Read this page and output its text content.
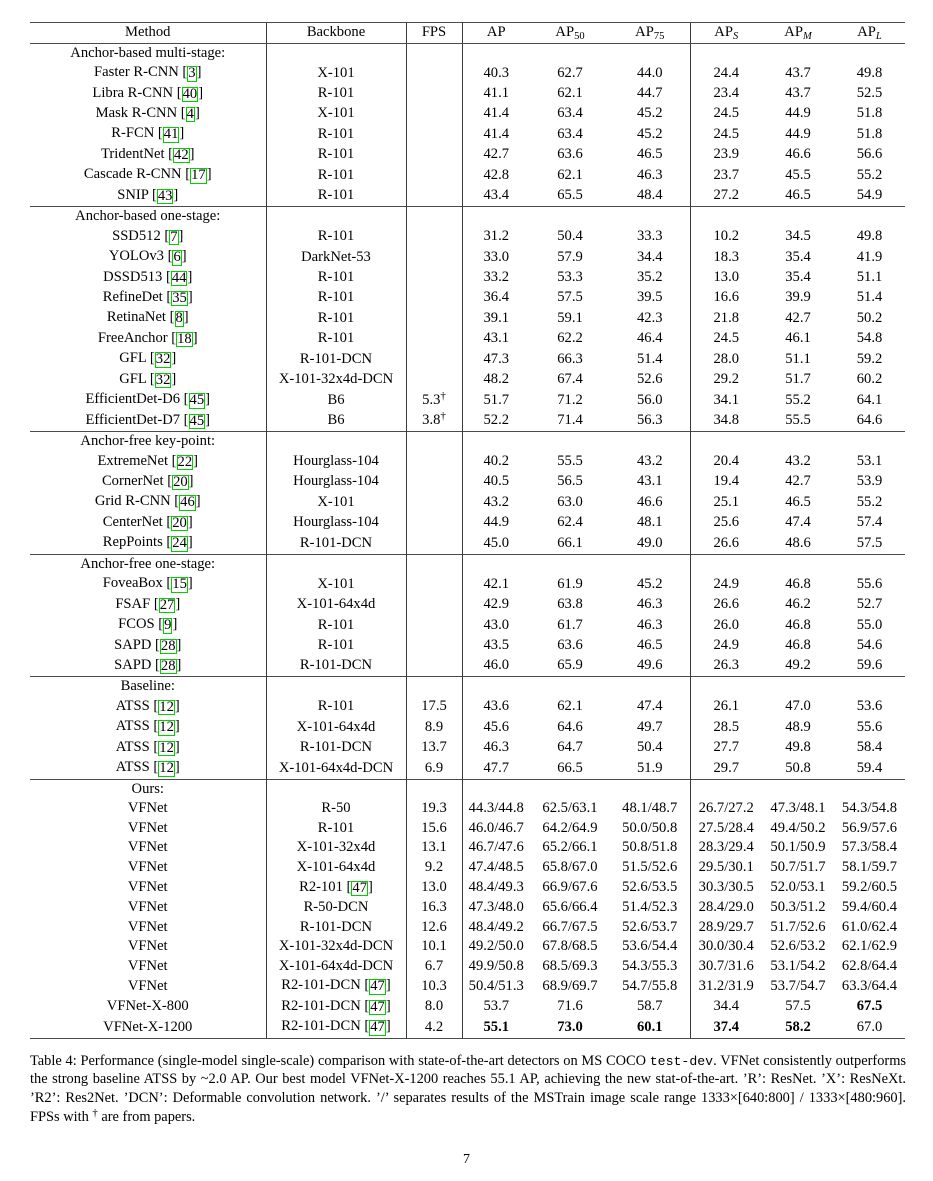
Method	Backbone	FPS	AP	$AP_{50}$	$AP_{75}$	$AP_S$	$AP_M$	$AP_L$
Anchor-based multi-stage:								
Faster R-CNN [3]	X-101		40.3	62.7	44.0	24.4	43.7	49.8
Libra R-CNN [40]	R-101		41.1	62.1	44.7	23.4	43.7	52.5
Mask R-CNN [4]	X-101		41.4	63.4	45.2	24.5	44.9	51.8
R-FCN [41]	R-101		41.4	63.4	45.2	24.5	44.9	51.8
TridentNet [42]	R-101		42.7	63.6	46.5	23.9	46.6	56.6
Cascade R-CNN [17]	R-101		42.8	62.1	46.3	23.7	45.5	55.2
SNIP [43]	R-101		43.4	65.5	48.4	27.2	46.5	54.9
Anchor-based one-stage:								
SSD512 [7]	R-101		31.2	50.4	33.3	10.2	34.5	49.8
YOLOv3 [6]	DarkNet-53		33.0	57.9	34.4	18.3	35.4	41.9
DSSD513 [44]	R-101		33.2	53.3	35.2	13.0	35.4	51.1
RefineDet [35]	R-101		36.4	57.5	39.5	16.6	39.9	51.4
RetinaNet [8]	R-101		39.1	59.1	42.3	21.8	42.7	50.2
FreeAnchor [18]	R-101		43.1	62.2	46.4	24.5	46.1	54.8
GFL [32]	R-101-DCN		47.3	66.3	51.4	28.0	51.1	59.2
GFL [32]	X-101-32x4d-DCN		48.2	67.4	52.6	29.2	51.7	60.2
EfficientDet-D6 [45]	B6	5.3†	51.7	71.2	56.0	34.1	55.2	64.1
EfficientDet-D7 [45]	B6	3.8†	52.2	71.4	56.3	34.8	55.5	64.6
Anchor-free key-point:								
ExtremeNet [22]	Hourglass-104		40.2	55.5	43.2	20.4	43.2	53.1
CornerNet [20]	Hourglass-104		40.5	56.5	43.1	19.4	42.7	53.9
Grid R-CNN [46]	X-101		43.2	63.0	46.6	25.1	46.5	55.2
CenterNet [20]	Hourglass-104		44.9	62.4	48.1	25.6	47.4	57.4
RepPoints [24]	R-101-DCN		45.0	66.1	49.0	26.6	48.6	57.5
Anchor-free one-stage:								
FoveaBox [15]	X-101		42.1	61.9	45.2	24.9	46.8	55.6
FSAF [27]	X-101-64x4d		42.9	63.8	46.3	26.6	46.2	52.7
FCOS [9]	R-101		43.0	61.7	46.3	26.0	46.8	55.0
SAPD [28]	R-101		43.5	63.6	46.5	24.9	46.8	54.6
SAPD [28]	R-101-DCN		46.0	65.9	49.6	26.3	49.2	59.6
Baseline:								
ATSS [12]	R-101	17.5	43.6	62.1	47.4	26.1	47.0	53.6
ATSS [12]	X-101-64x4d	8.9	45.6	64.6	49.7	28.5	48.9	55.6
ATSS [12]	R-101-DCN	13.7	46.3	64.7	50.4	27.7	49.8	58.4
ATSS [12]	X-101-64x4d-DCN	6.9	47.7	66.5	51.9	29.7	50.8	59.4
Ours:								
VFNet	R-50	19.3	44.3/44.8	62.5/63.1	48.1/48.7	26.7/27.2	47.3/48.1	54.3/54.8
VFNet	R-101	15.6	46.0/46.7	64.2/64.9	50.0/50.8	27.5/28.4	49.4/50.2	56.9/57.6
VFNet	X-101-32x4d	13.1	46.7/47.6	65.2/66.1	50.8/51.8	28.3/29.4	50.1/50.9	57.3/58.4
VFNet	X-101-64x4d	9.2	47.4/48.5	65.8/67.0	51.5/52.6	29.5/30.1	50.7/51.7	58.1/59.7
VFNet	R2-101 [47]	13.0	48.4/49.3	66.9/67.6	52.6/53.5	30.3/30.5	52.0/53.1	59.2/60.5
VFNet	R-50-DCN	16.3	47.3/48.0	65.6/66.4	51.4/52.3	28.4/29.0	50.3/51.2	59.4/60.4
VFNet	R-101-DCN	12.6	48.4/49.2	66.7/67.5	52.6/53.7	28.9/29.7	51.7/52.6	61.0/62.4
VFNet	X-101-32x4d-DCN	10.1	49.2/50.0	67.8/68.5	53.6/54.4	30.0/30.4	52.6/53.2	62.1/62.9
VFNet	X-101-64x4d-DCN	6.7	49.9/50.8	68.5/69.3	54.3/55.3	30.7/31.6	53.1/54.2	62.8/64.4
VFNet	R2-101-DCN [47]	10.3	50.4/51.3	68.9/69.7	54.7/55.8	31.2/31.9	53.7/54.7	63.3/64.4
VFNet-X-800	R2-101-DCN [47]	8.0	53.7	71.6	58.7	34.4	57.5	67.5
VFNet-X-1200	R2-101-DCN [47]	4.2	55.1	73.0	60.1	37.4	58.2	67.0
Table 4: Performance (single-model single-scale) comparison with state-of-the-art detectors on MS COCO test-dev. VFNet consistently outperforms the strong baseline ATSS by ~2.0 AP. Our best model VFNet-X-1200 reaches 55.1 AP, achieving the new stat-of-the-art. ’R’: ResNet. ’X’: ResNeXt. ’R2’: Res2Net. ’DCN’: Deformable convolution network. ’/’ separates results of the MSTrain image scale range 1333×[640:800] / 1333×[480:960]. FPSs with † are from papers.
7
